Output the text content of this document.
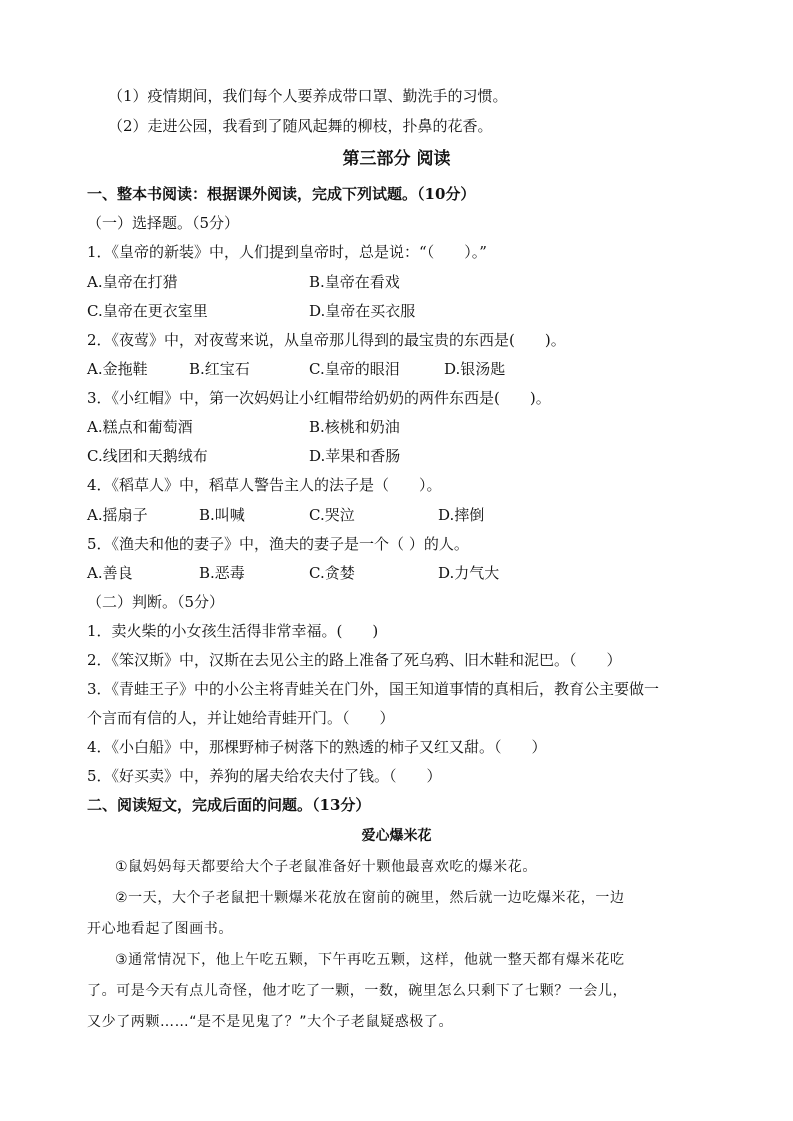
（1）疫情期间，我们每个人要养成带口罩、勤洗手的习惯。
（2）走进公园，我看到了随风起舞的柳枝，扑鼻的花香。
第三部分 阅读
一、整本书阅读：根据课外阅读，完成下列试题。（10分）
（一）选择题。（5分）
1．《皇帝的新装》中，人们提到皇帝时，总是说：“（　　）。”
A.皇帝在打猎	B.皇帝在看戏
C.皇帝在更衣室里	D.皇帝在买衣服
2．《夜莺》中，对夜莺来说，从皇帝那儿得到的最宝贵的东西是(　　)。
A.金拖鞋	B.红宝石	C.皇帝的眼泪	D.银汤匙
3．《小红帽》中，第一次妈妈让小红帽带给奶奶的两件东西是(　　)。
A.糕点和葡萄酒	B.核桃和奶油
C.线团和天鹅绒布	D.苹果和香肠
4．《稻草人》中，稻草人警告主人的法子是（　　）。
A.摇扇子	B.叫喊	C.哭泣	D.摔倒
5．《渔夫和他的妻子》中，渔夫的妻子是一个（ ）的人。
A.善良	B.恶毒	C.贪婪	D.力气大
（二）判断。（5分）
1．卖火柴的小女孩生活得非常幸福。(　　)
2．《笨汉斯》中，汉斯在去见公主的路上准备了死乌鸦、旧木鞋和泥巴。（　　）
3．《青蛙王子》中的小公主将青蛙关在门外，国王知道事情的真相后，教育公主要做一
个言而有信的人，并让她给青蛙开门。（　　）
4．《小白船》中，那棵野柿子树落下的熟透的柿子又红又甜。（　　）
5．《好买卖》中，养狗的屠夫给农夫付了钱。（　　）
二、阅读短文，完成后面的问题。（13分）
爱心爆米花
①鼠妈妈每天都要给大个子老鼠准备好十颗他最喜欢吃的爆米花。
②一天，大个子老鼠把十颗爆米花放在窗前的碗里，然后就一边吃爆米花，一边
开心地看起了图画书。
③通常情况下，他上午吃五颗，下午再吃五颗，这样，他就一整天都有爆米花吃
了。可是今天有点儿奇怪，他才吃了一颗，一数，碗里怎么只剩下了七颗？一会儿，
又少了两颗……“是不是见鬼了？”大个子老鼠疑惑极了。
